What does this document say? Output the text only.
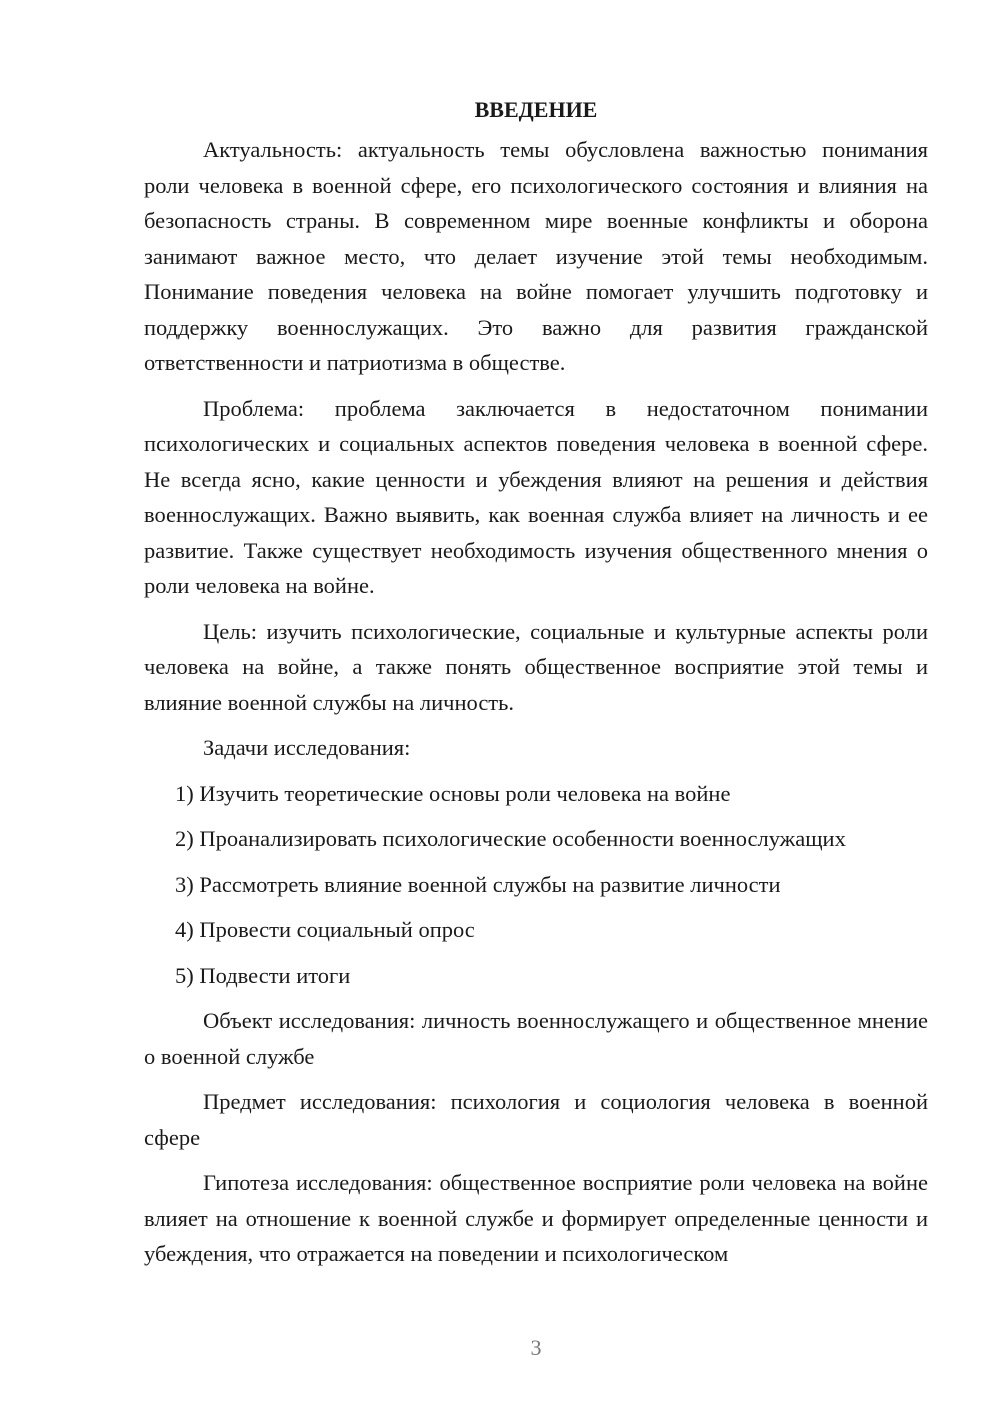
ВВЕДЕНИЕ

Актуальность: актуальность темы обусловлена важностью понимания роли человека в военной сфере, его психологического состояния и влияния на безопасность страны. В современном мире военные конфликты и оборона занимают важное место, что делает изучение этой темы необходимым. Понимание поведения человека на войне помогает улучшить подготовку и поддержку военнослужащих. Это важно для развития гражданской ответственности и патриотизма в обществе.

Проблема: проблема заключается в недостаточном понимании психологических и социальных аспектов поведения человека в военной сфере. Не всегда ясно, какие ценности и убеждения влияют на решения и действия военнослужащих. Важно выявить, как военная служба влияет на личность и ее развитие. Также существует необходимость изучения общественного мнения о роли человека на войне.

Цель: изучить психологические, социальные и культурные аспекты роли человека на войне, а также понять общественное восприятие этой темы и влияние военной службы на личность.

Задачи исследования:

1) Изучить теоретические основы роли человека на войне

2) Проанализировать психологические особенности военнослужащих

3) Рассмотреть влияние военной службы на развитие личности

4) Провести социальный опрос

5) Подвести итоги

Объект исследования: личность военнослужащего и общественное мнение о военной службе

Предмет исследования: психология и социология человека в военной сфере

Гипотеза исследования: общественное восприятие роли человека на войне влияет на отношение к военной службе и формирует определенные ценности и убеждения, что отражается на поведении и психологическом

3
